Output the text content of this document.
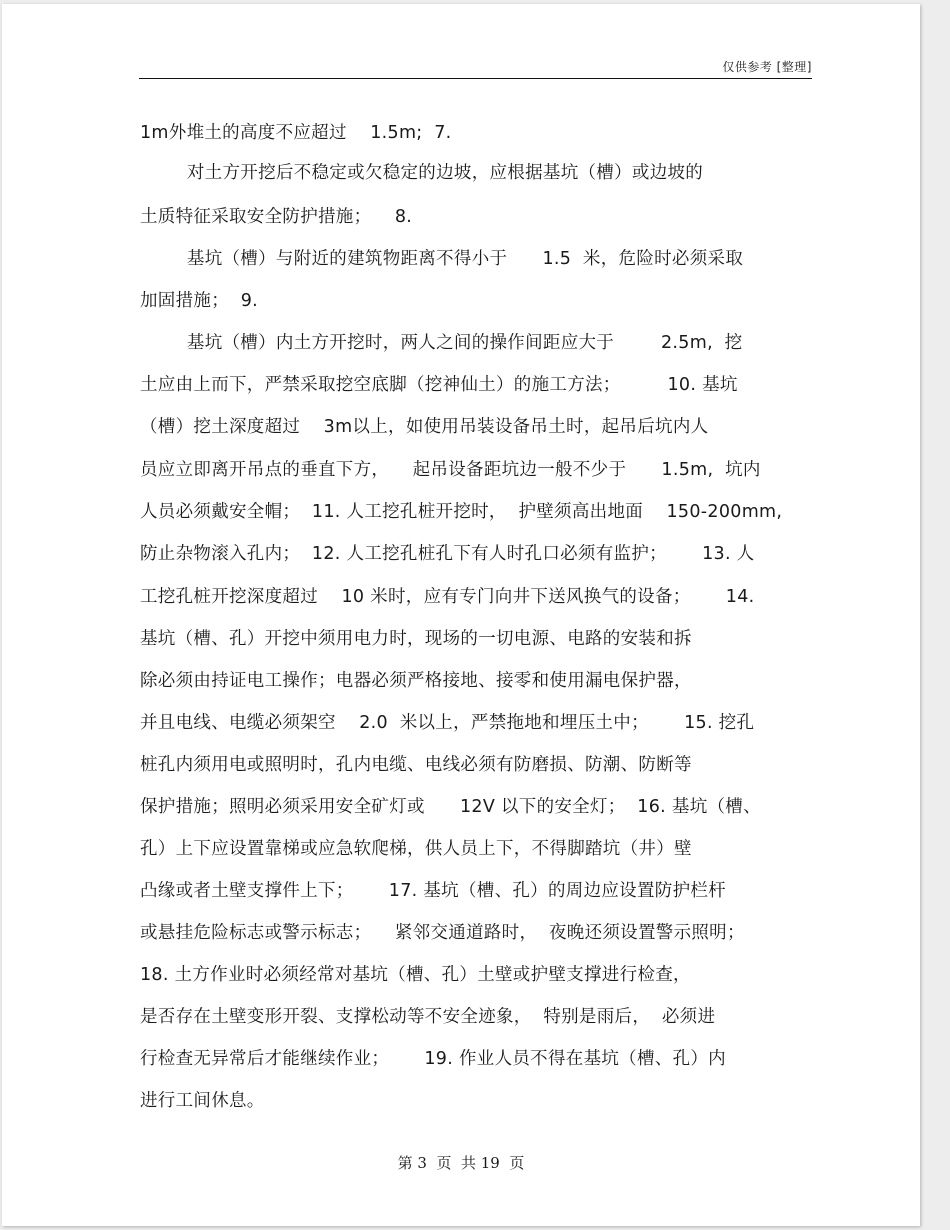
仅供参考 [整理]
1m外堆土的高度不应超过    1.5m;  7.
对土方开挖后不稳定或欠稳定的边坡，应根据基坑（槽）或边坡的
土质特征采取安全防护措施；    8.
基坑（槽）与附近的建筑物距离不得小于      1.5  米，危险时必须采取
加固措施；  9.
基坑（槽）内土方开挖时，两人之间的操作间距应大于        2.5m,  挖
土应由上而下，严禁采取挖空底脚（挖神仙土）的施工方法；        10. 基坑
（槽）挖土深度超过    3m以上，如使用吊装设备吊土时，起吊后坑内人
员应立即离开吊点的垂直下方，    起吊设备距坑边一般不少于      1.5m,  坑内
人员必须戴安全帽；  11. 人工挖孔桩开挖时，  护壁须高出地面    150-200mm,
防止杂物滚入孔内；  12. 人工挖孔桩孔下有人时孔口必须有监护；      13. 人
工挖孔桩开挖深度超过    10 米时，应有专门向井下送风换气的设备；      14.
基坑（槽、孔）开挖中须用电力时，现场的一切电源、电路的安装和拆
除必须由持证电工操作；电器必须严格接地、接零和使用漏电保护器，
并且电线、电缆必须架空    2.0  米以上，严禁拖地和埋压土中；      15. 挖孔
桩孔内须用电或照明时，孔内电缆、电线必须有防磨损、防潮、防断等
保护措施；照明必须采用安全矿灯或      12V 以下的安全灯；  16. 基坑（槽、
孔）上下应设置靠梯或应急软爬梯，供人员上下，不得脚踏坑（井）壁
凸缘或者土壁支撑件上下；      17. 基坑（槽、孔）的周边应设置防护栏杆
或悬挂危险标志或警示标志；    紧邻交通道路时，  夜晚还须设置警示照明；
18. 土方作业时必须经常对基坑（槽、孔）土壁或护壁支撑进行检查，
是否存在土壁变形开裂、支撑松动等不安全迹象，  特别是雨后，  必须进
行检查无异常后才能继续作业；      19. 作业人员不得在基坑（槽、孔）内
进行工间休息。
第 3  页  共 19  页
